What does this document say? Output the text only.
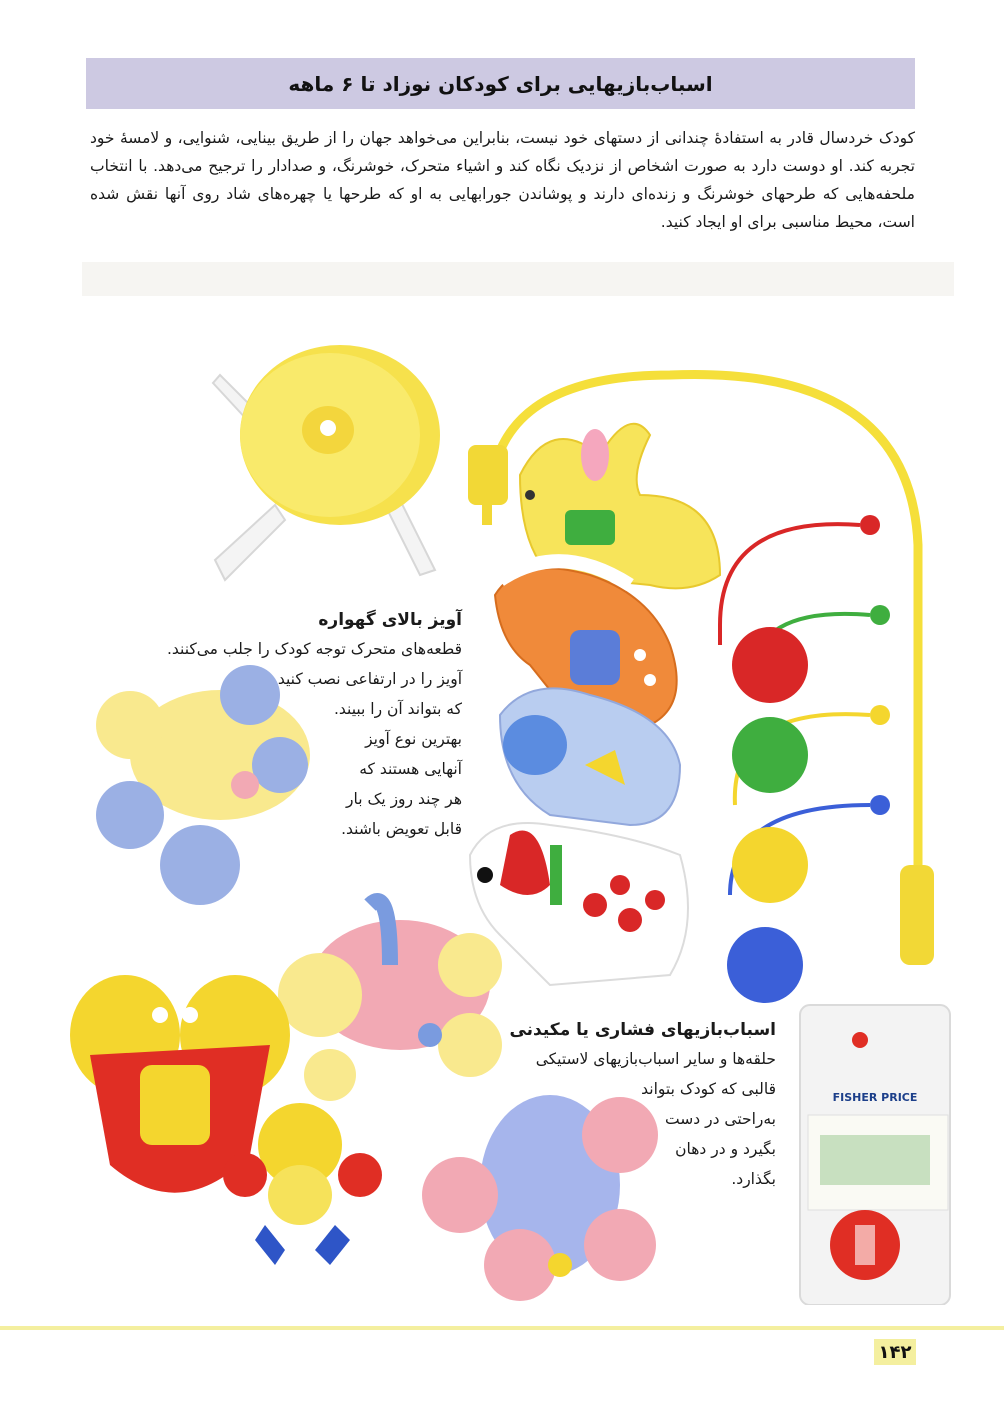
اسباب‌بازیهایی برای کودکان نوزاد تا ۶ ماهه

کودک خردسال قادر به استفادهٔ چندانی از دستهای خود نیست، بنابراین می‌خواهد جهان را از طریق بینایی، شنوایی، و لامسهٔ خود تجربه کند. او دوست دارد به صورت اشخاص از نزدیک نگاه کند و اشیاء متحرک، خوشرنگ، و صدادار را ترجیح می‌دهد. با انتخاب ملحفه‌هایی که طرحهای خوشرنگ و زنده‌ای دارند و پوشاندن جورابهایی به او که طرحها یا چهره‌های شاد روی آنها نقش شده است، محیط مناسبی برای او ایجاد کنید.

FISHER PRICE
آویز بالای گهواره

قطعه‌های متحرک توجه کودک را جلب می‌کنند.

آویز را در ارتفاعی نصب کنید

که بتواند آن را ببیند.

بهترین نوع آویز

آنهایی هستند که

هر چند روز یک بار

قابل تعویض باشند.

اسباب‌بازیهای فشاری یا مکیدنی

حلقه‌ها و سایر اسباب‌بازیهای لاستیکی

قالبی که کودک بتواند

به‌راحتی در دست

بگیرد و در دهان

بگذارد.

۱۴۲
